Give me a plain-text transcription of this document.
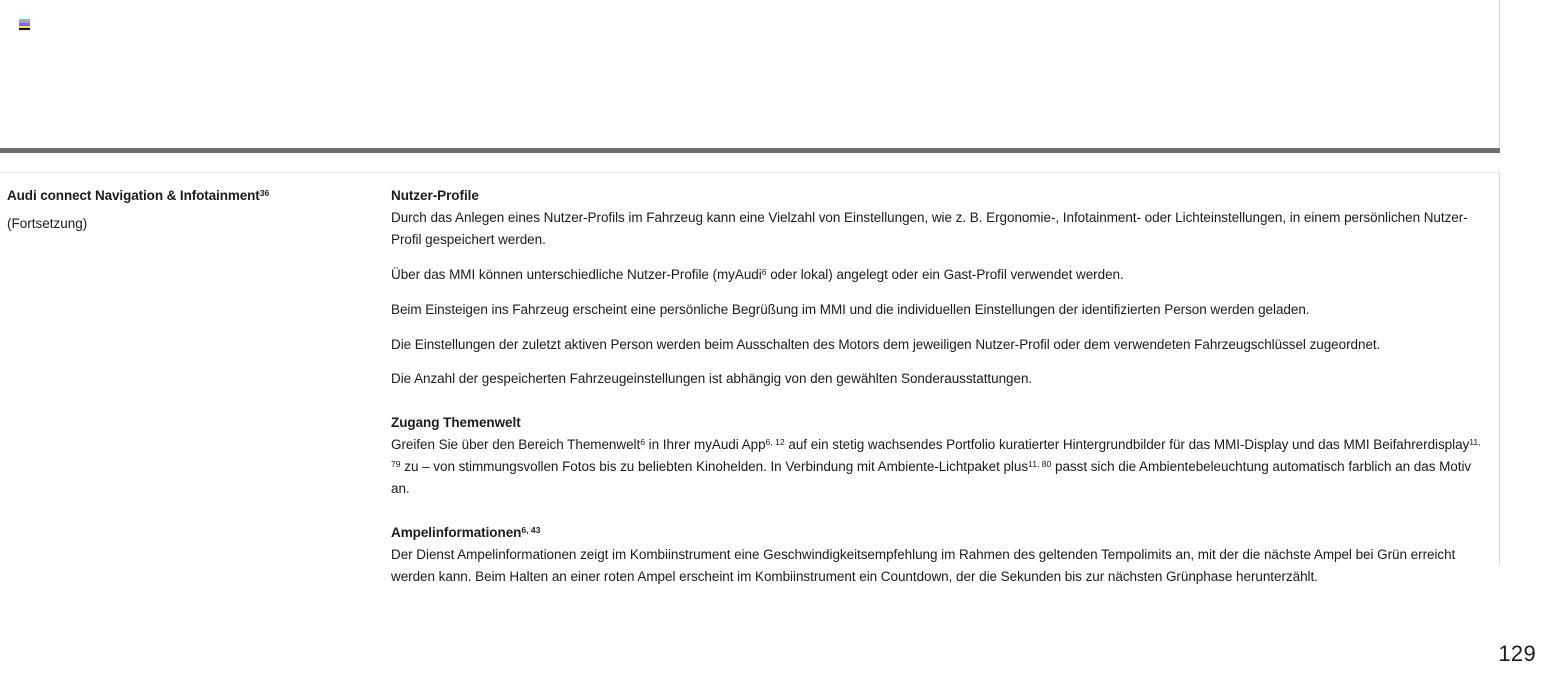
Audi connect Navigation & Infotainment$^{36}$
(Fortsetzung)
Nutzer-Profile

Durch das Anlegen eines Nutzer-Profils im Fahrzeug kann eine Vielzahl von Einstellungen, wie z. B. Ergonomie-, Infotainment- oder Lichteinstellungen, in einem persönlichen Nutzer-Profil gespeichert werden.

Über das MMI können unterschiedliche Nutzer-Profile (myAudi$^6$ oder lokal) angelegt oder ein Gast-Profil verwendet werden.

Beim Einsteigen ins Fahrzeug erscheint eine persönliche Begrüßung im MMI und die individuellen Einstellungen der identifizierten Person werden geladen.

Die Einstellungen der zuletzt aktiven Person werden beim Ausschalten des Motors dem jeweiligen Nutzer-Profil oder dem verwendeten Fahrzeugschlüssel zugeordnet.

Die Anzahl der gespeicherten Fahrzeugeinstellungen ist abhängig von den gewählten Sonderausstattungen.

Zugang Themenwelt

Greifen Sie über den Bereich Themenwelt$^6$ in Ihrer myAudi App$^{6, 12}$ auf ein stetig wachsendes Portfolio kuratierter Hintergrundbilder für das MMI-Display und das MMI Beifahrerdisplay$^{11, 79}$ zu – von stimmungsvollen Fotos bis zu beliebten Kinohelden. In Verbindung mit Ambiente-Lichtpaket plus$^{11, 80}$ passt sich die Ambientebeleuchtung automatisch farblich an das Motiv an.

Ampelinformationen$^{6, 43}$

Der Dienst Ampelinformationen zeigt im Kombiinstrument eine Geschwindigkeitsempfehlung im Rahmen des geltenden Tempolimits an, mit der die nächste Ampel bei Grün erreicht werden kann. Beim Halten an einer roten Ampel erscheint im Kombiinstrument ein Countdown, der die Sekunden bis zur nächsten Grünphase herunterzählt.

129
